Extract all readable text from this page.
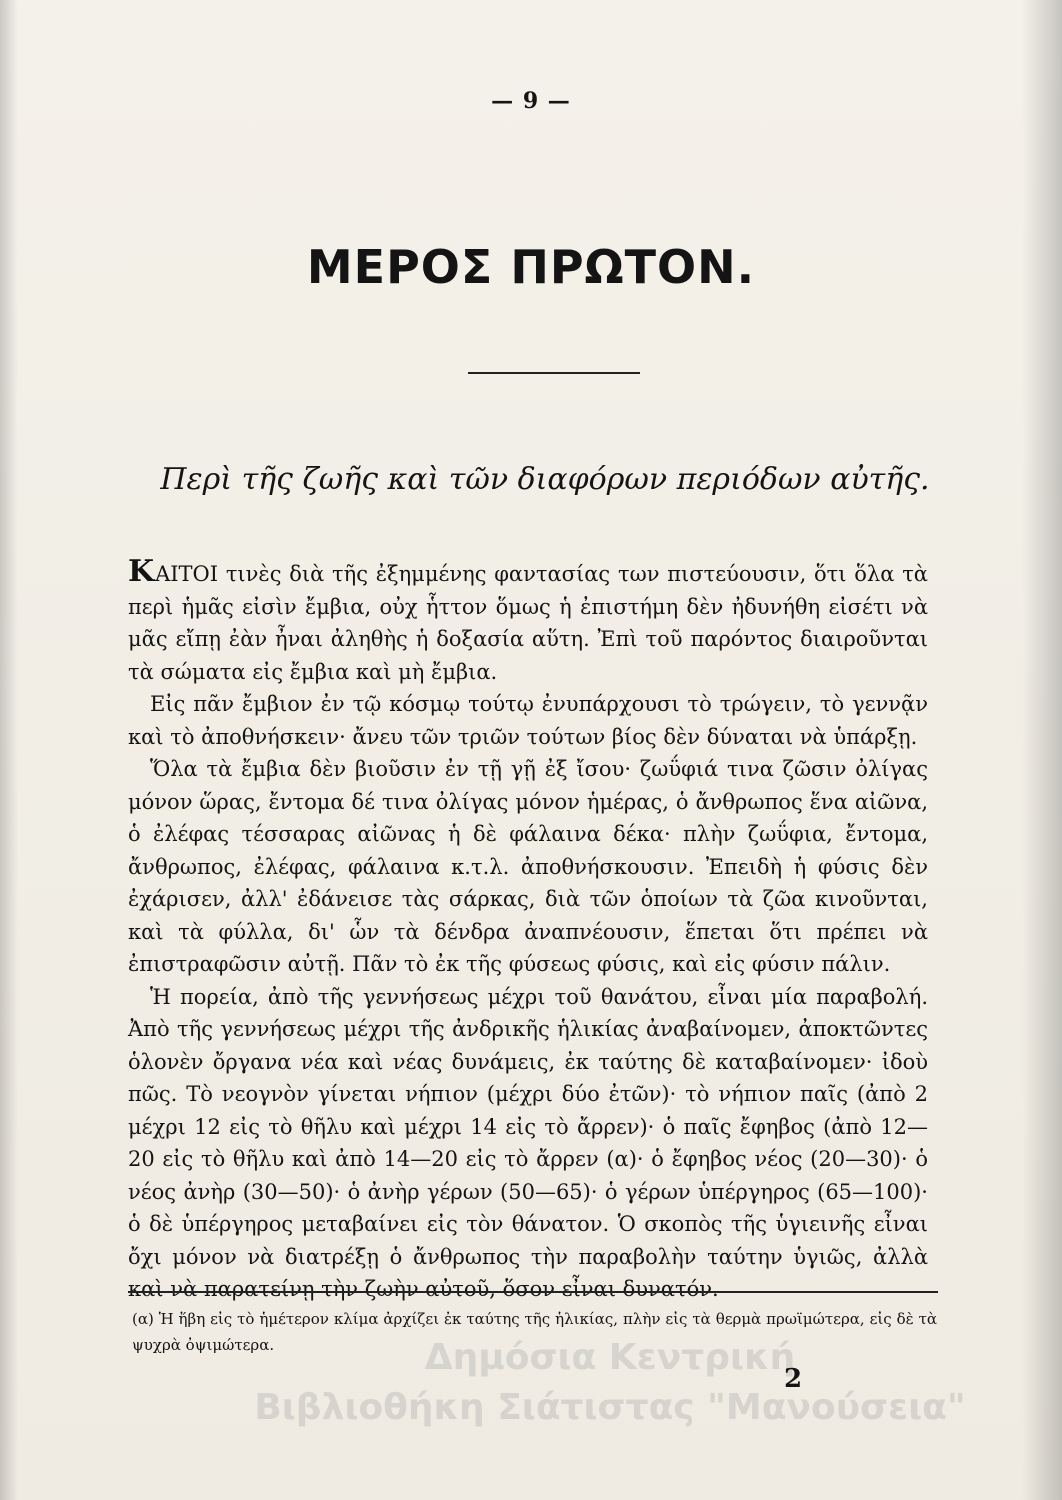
— 9 —
ΜΕΡΟΣ ΠΡΩΤΟΝ.
Περὶ τῆς ζωῆς καὶ τῶν διαφόρων περιόδων αὐτῆς.

ΚΑΙΤΟΙ τινὲς διὰ τῆς ἐξημμένης φαντασίας των πιστεύουσιν, ὅτι ὅλα τὰ περὶ ἡμᾶς εἰσὶν ἔμβια, οὐχ ἧττον ὅμως ἡ ἐπιστήμη δὲν ἠδυνήθη εἰσέτι νὰ μᾶς εἴπῃ ἐὰν ἦναι ἀληθὴς ἡ δοξασία αὕτη. Ἐπὶ τοῦ παρόντος διαιροῦνται τὰ σώματα εἰς ἔμβια καὶ μὴ ἔμβια.

Εἰς πᾶν ἔμβιον ἐν τῷ κόσμῳ τούτῳ ἐνυπάρχουσι τὸ τρώγειν, τὸ γεννᾷν καὶ τὸ ἀποθνήσκειν· ἄνευ τῶν τριῶν τούτων βίος δὲν δύναται νὰ ὑπάρξῃ.

Ὅλα τὰ ἔμβια δὲν βιοῦσιν ἐν τῇ γῇ ἐξ ἴσου· ζωΰφιά τινα ζῶσιν ὀλίγας μόνον ὥρας, ἔντομα δέ τινα ὀλίγας μόνον ἡμέρας, ὁ ἄνθρωπος ἕνα αἰῶνα, ὁ ἐλέφας τέσσαρας αἰῶνας ἡ δὲ φάλαινα δέκα· πλὴν ζωΰφια, ἔντομα, ἄνθρωπος, ἐλέφας, φάλαινα κ.τ.λ. ἀποθνήσκουσιν. Ἐπειδὴ ἡ φύσις δὲν ἐχάρισεν, ἀλλ' ἐδάνεισε τὰς σάρκας, διὰ τῶν ὁποίων τὰ ζῶα κινοῦνται, καὶ τὰ φύλλα, δι' ὧν τὰ δένδρα ἀναπνέουσιν, ἕπεται ὅτι πρέπει νὰ ἐπιστραφῶσιν αὐτῇ. Πᾶν τὸ ἐκ τῆς φύσεως φύσις, καὶ εἰς φύσιν πάλιν.

Ἡ πορεία, ἀπὸ τῆς γεννήσεως μέχρι τοῦ θανάτου, εἶναι μία παραβολή. Ἀπὸ τῆς γεννήσεως μέχρι τῆς ἀνδρικῆς ἡλικίας ἀναβαίνομεν, ἀποκτῶντες ὁλονὲν ὄργανα νέα καὶ νέας δυνάμεις, ἐκ ταύτης δὲ καταβαίνομεν· ἰδοὺ πῶς. Τὸ νεογνὸν γίνεται νήπιον (μέχρι δύο ἐτῶν)· τὸ νήπιον παῖς (ἀπὸ 2 μέχρι 12 εἰς τὸ θῆλυ καὶ μέχρι 14 εἰς τὸ ἄρρεν)· ὁ παῖς ἔφηβος (ἀπὸ 12—20 εἰς τὸ θῆλυ καὶ ἀπὸ 14—20 εἰς τὸ ἄρρεν (α)· ὁ ἔφηβος νέος (20—30)· ὁ νέος ἀνὴρ (30—50)· ὁ ἀνὴρ γέρων (50—65)· ὁ γέρων ὑπέργηρος (65—100)· ὁ δὲ ὑπέργηρος μεταβαίνει εἰς τὸν θάνατον. Ὁ σκοπὸς τῆς ὑγιεινῆς εἶναι ὄχι μόνον νὰ διατρέξῃ ὁ ἄνθρωπος τὴν παραβολὴν ταύτην ὑγιῶς, ἀλλὰ καὶ νὰ παρατείνῃ τὴν ζωὴν αὐτοῦ, ὅσον εἶναι δυνατόν.

(α) Ἡ ἥβη εἰς τὸ ἡμέτερον κλίμα ἀρχίζει ἐκ ταύτης τῆς ἡλικίας, πλὴν εἰς τὰ θερμὰ πρωϊμώτερα, εἰς δὲ τὰ ψυχρὰ ὀψιμώτερα.	Δημόσια Κεντρική
Βιβλιοθήκη Σιάτιστας "Μανούσεια"
2
